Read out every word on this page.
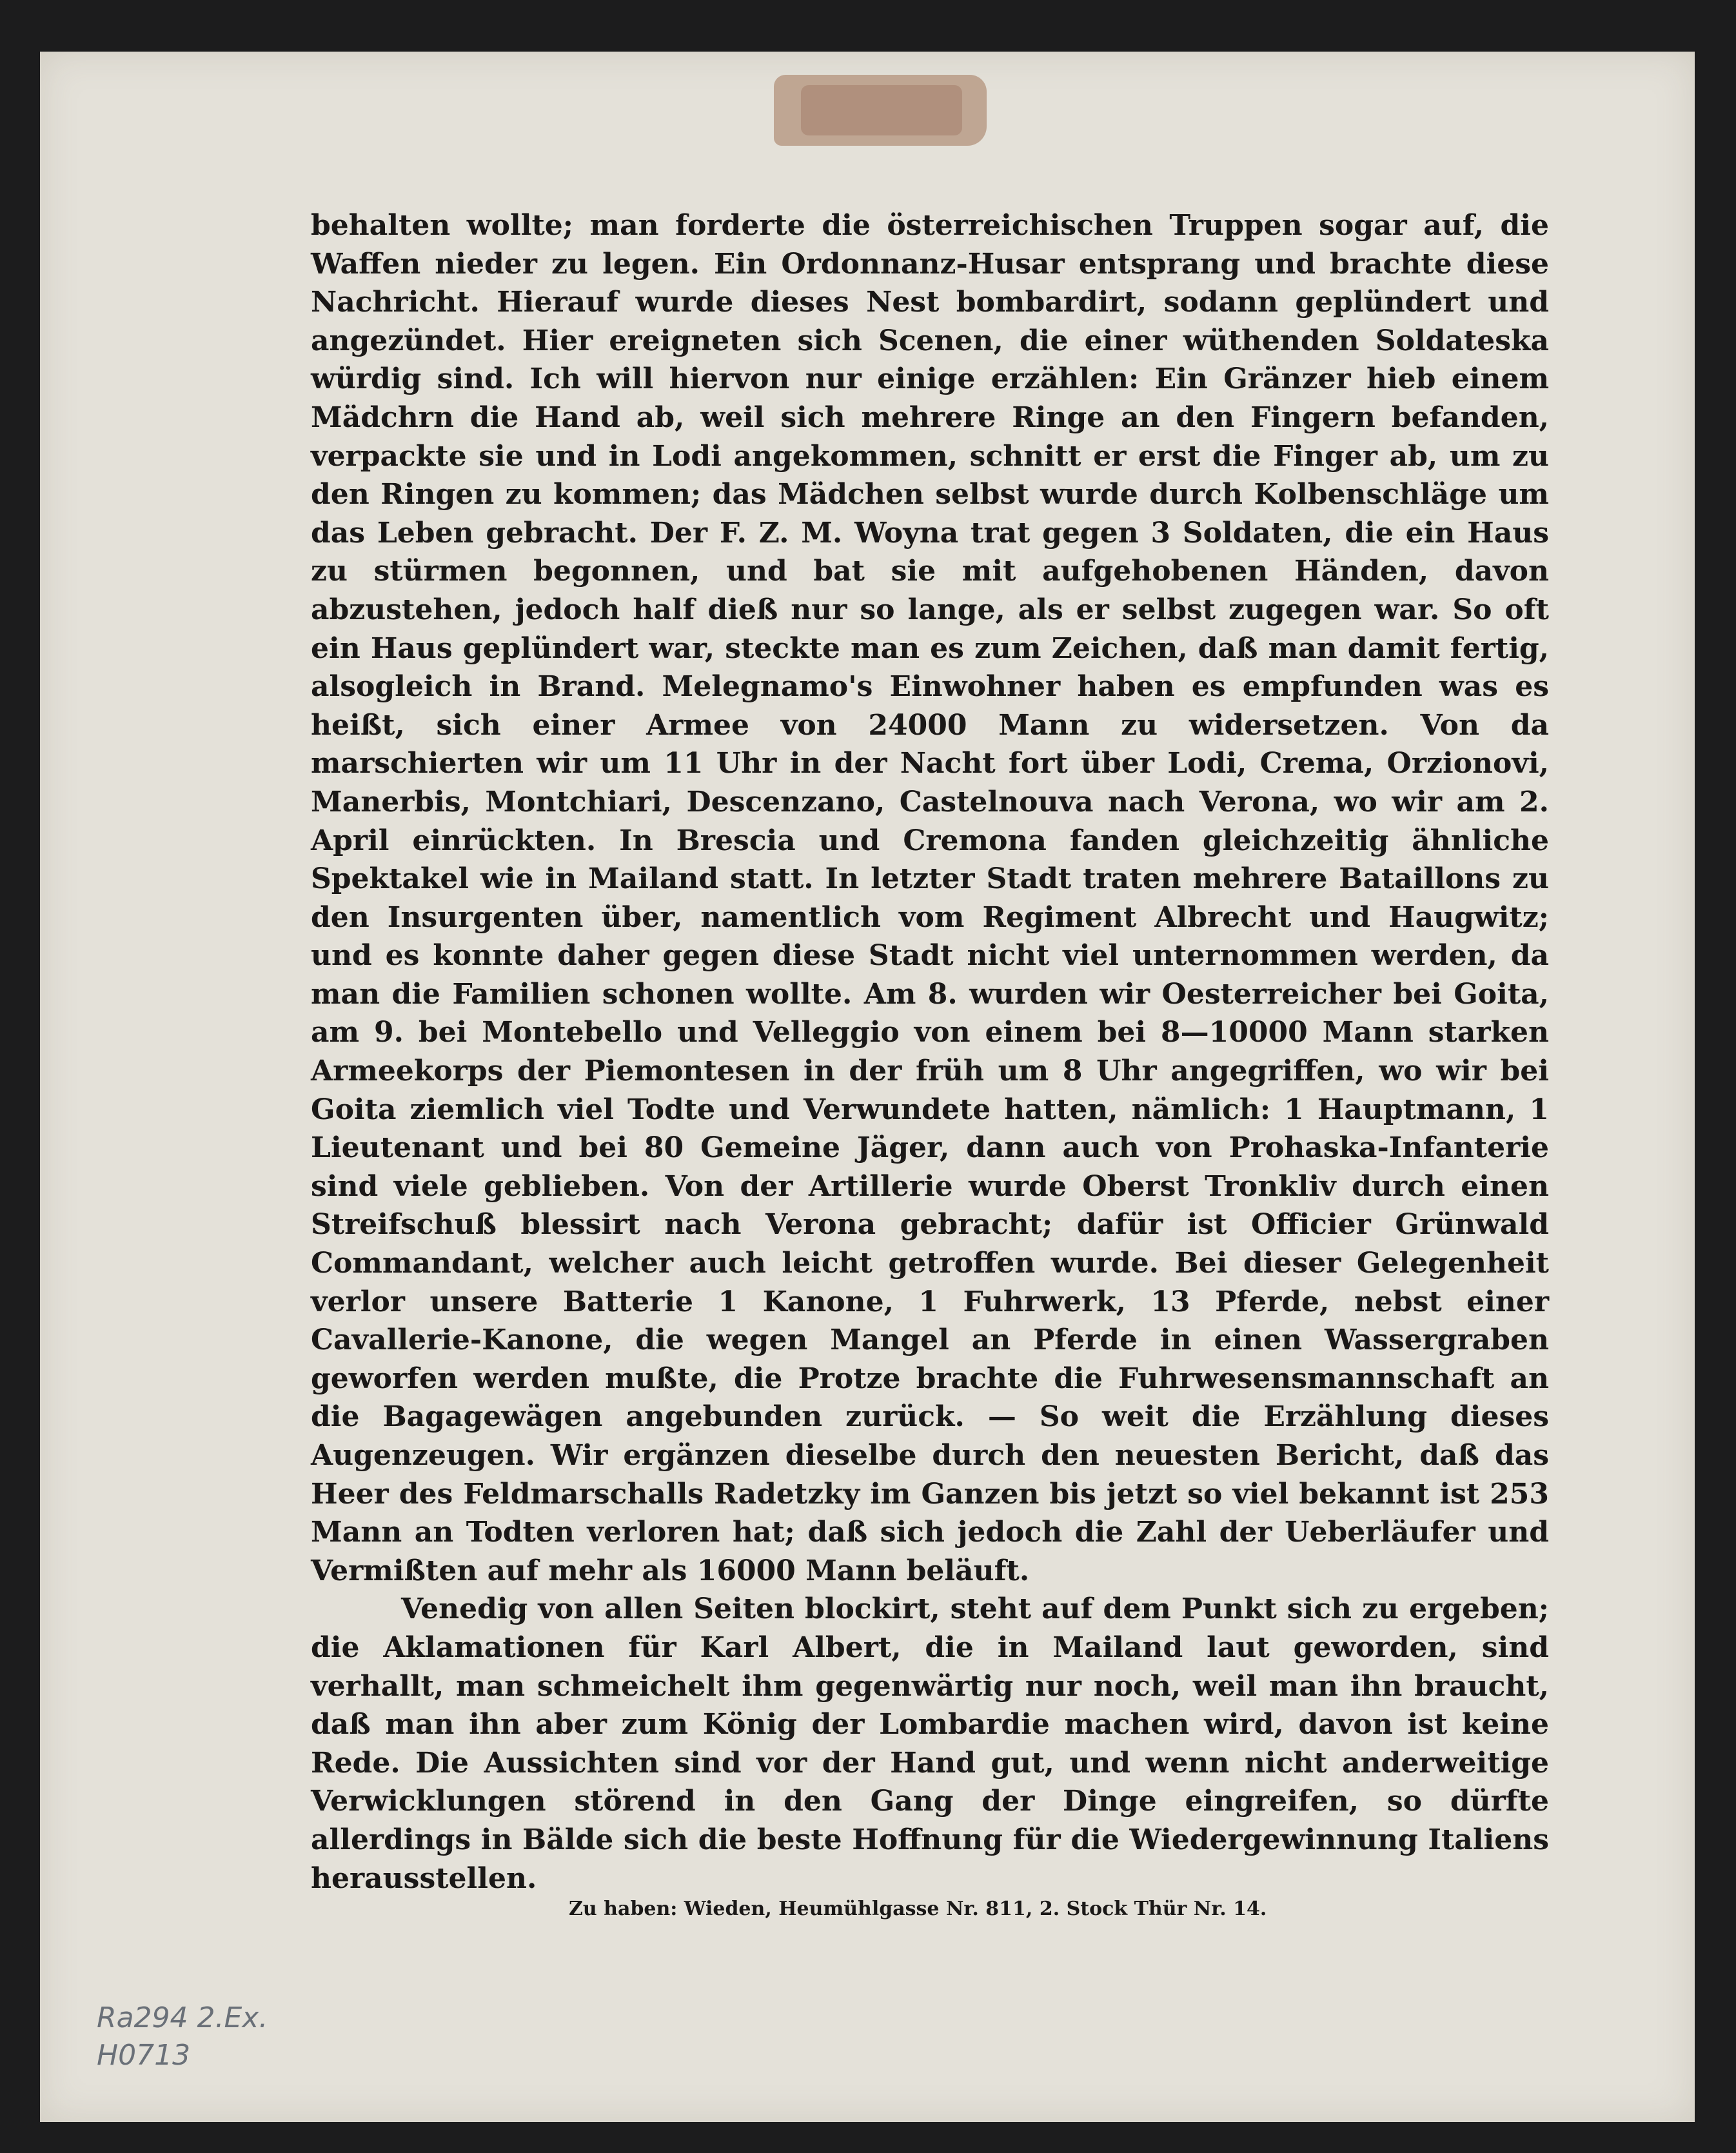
behalten wollte; man forderte die österreichischen Truppen sogar auf, die Waffen nieder zu legen. Ein Ordonnanz-Husar entsprang und brachte diese Nachricht. Hierauf wurde dieses Nest bombardirt, sodann geplündert und angezündet. Hier ereigneten sich Scenen, die einer wüthenden Soldateska würdig sind. Ich will hiervon nur einige erzählen: Ein Gränzer hieb einem Mädchrn die Hand ab, weil sich mehrere Ringe an den Fingern befanden, verpackte sie und in Lodi angekommen, schnitt er erst die Finger ab, um zu den Ringen zu kommen; das Mädchen selbst wurde durch Kolbenschläge um das Leben gebracht. Der F. Z. M. Woyna trat gegen 3 Soldaten, die ein Haus zu stürmen begonnen, und bat sie mit aufgehobenen Händen, davon abzustehen, jedoch half dieß nur so lange, als er selbst zugegen war. So oft ein Haus geplündert war, steckte man es zum Zeichen, daß man damit fertig, alsogleich in Brand. Melegnamo's Einwohner haben es empfunden was es heißt, sich einer Armee von 24000 Mann zu widersetzen. Von da marschierten wir um 11 Uhr in der Nacht fort über Lodi, Crema, Orzionovi, Manerbis, Montchiari, Descenzano, Castelnouva nach Verona, wo wir am 2. April einrückten. In Brescia und Cremona fanden gleichzeitig ähnliche Spektakel wie in Mailand statt. In letzter Stadt traten mehrere Bataillons zu den Insurgenten über, namentlich vom Regiment Albrecht und Haugwitz; und es konnte daher gegen diese Stadt nicht viel unternommen werden, da man die Familien schonen wollte. Am 8. wurden wir Oesterreicher bei Goita, am 9. bei Montebello und Velleggio von einem bei 8—10000 Mann starken Armeekorps der Piemontesen in der früh um 8 Uhr angegriffen, wo wir bei Goita ziemlich viel Todte und Verwundete hatten, nämlich: 1 Hauptmann, 1 Lieutenant und bei 80 Gemeine Jäger, dann auch von Prohaska-Infanterie sind viele geblieben. Von der Artillerie wurde Oberst Tronkliv durch einen Streifschuß blessirt nach Verona gebracht; dafür ist Officier Grünwald Commandant, welcher auch leicht getroffen wurde. Bei dieser Gelegenheit verlor unsere Batterie 1 Kanone, 1 Fuhrwerk, 13 Pferde, nebst einer Cavallerie-Kanone, die wegen Mangel an Pferde in einen Wassergraben geworfen werden mußte, die Protze brachte die Fuhrwesensmannschaft an die Bagagewägen angebunden zurück. — So weit die Erzählung dieses Augenzeugen. Wir ergänzen dieselbe durch den neuesten Bericht, daß das Heer des Feldmarschalls Radetzky im Ganzen bis jetzt so viel bekannt ist 253 Mann an Todten verloren hat; daß sich jedoch die Zahl der Ueberläufer und Vermißten auf mehr als 16000 Mann beläuft.

Venedig von allen Seiten blockirt, steht auf dem Punkt sich zu ergeben; die Aklamationen für Karl Albert, die in Mailand laut geworden, sind verhallt, man schmeichelt ihm gegenwärtig nur noch, weil man ihn braucht, daß man ihn aber zum König der Lombardie machen wird, davon ist keine Rede. Die Aussichten sind vor der Hand gut, und wenn nicht anderweitige Verwicklungen störend in den Gang der Dinge eingreifen, so dürfte allerdings in Bälde sich die beste Hoffnung für die Wiedergewinnung Italiens herausstellen.

Zu haben: Wieden, Heumühlgasse Nr. 811, 2. Stock Thür Nr. 14.
Ra294 2.Ex.
H0713
